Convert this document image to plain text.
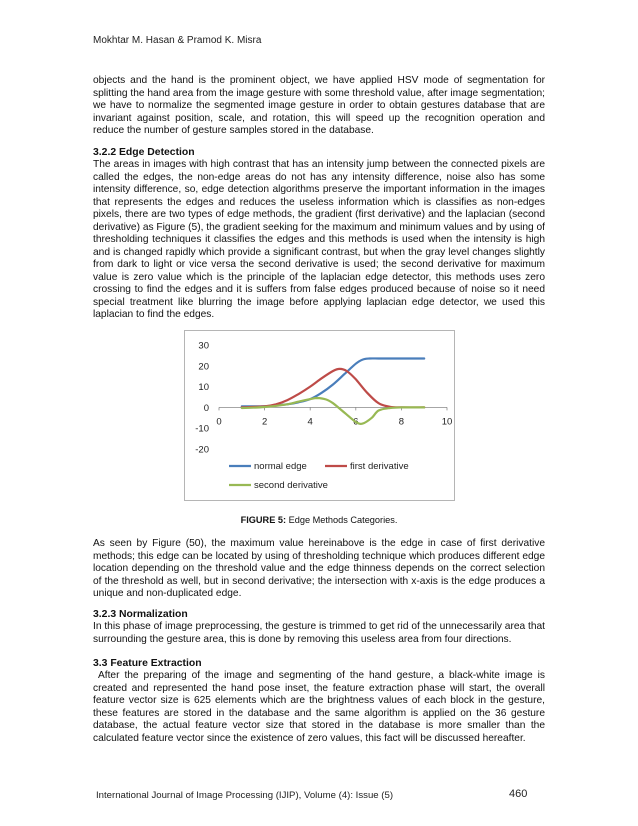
Mokhtar M. Hasan & Pramod K. Misra

objects and the hand is the prominent object, we have applied HSV mode of segmentation for splitting the hand area from the image gesture with some threshold value, after image segmentation; we have to normalize the segmented image gesture in order to obtain gestures database that are invariant against position, scale, and rotation, this will speed up the recognition operation and reduce the number of gesture samples stored in the database.

3.2.2 Edge Detection

The areas in images with high contrast that has an intensity jump between the connected pixels are called the edges, the non-edge areas do not has any intensity difference, noise also has some intensity difference, so, edge detection algorithms preserve the important information in the images that represents the edges and reduces the useless information which is classifies as non-edges pixels, there are two types of edge methods, the gradient (first derivative) and the laplacian (second derivative) as Figure (5), the gradient seeking for the maximum and minimum values and by using of thresholding techniques it classifies the edges and this methods is used when the intensity is high and is changed rapidly which provide a significant contrast, but when the gray level changes slightly from dark to light or vice versa the second derivative is used; the second derivative for maximum value is zero value which is the principle of the laplacian edge detector, this methods uses zero crossing to find the edges and it is suffers from false edges produced because of noise so it need special treatment like blurring the image before applying laplacian edge detector, we used this laplacian to find the edges.

30
20
10
0
-10
-20
0	2	4	6	8	10
normal edge	first derivative
second derivative
FIGURE 5: Edge Methods Categories.

As seen by Figure (50), the maximum value hereinabove is the edge in case of first derivative methods; this edge can be located by using of thresholding technique which produces different edge location depending on the threshold value and the edge thinness depends on the correct selection of the threshold as well, but in second derivative; the intersection with x-axis is the edge produces a unique and non-duplicated edge.

3.2.3 Normalization

In this phase of image preprocessing, the gesture is trimmed to get rid of the unnecessarily area that surrounding the gesture area, this is done by removing this useless area from four directions.

3.3 Feature Extraction

After the preparing of the image and segmenting of the hand gesture, a black-white image is created and represented the hand pose inset, the feature extraction phase will start, the overall feature vector size is 625 elements which are the brightness values of each block in the gesture, these features are stored in the database and the same algorithm is applied on the 36 gesture database, the actual feature vector size that stored in the database is more smaller than the calculated feature vector since the existence of zero values, this fact will be discussed hereafter.

International Journal of Image Processing (IJIP), Volume (4): Issue (5)	460
